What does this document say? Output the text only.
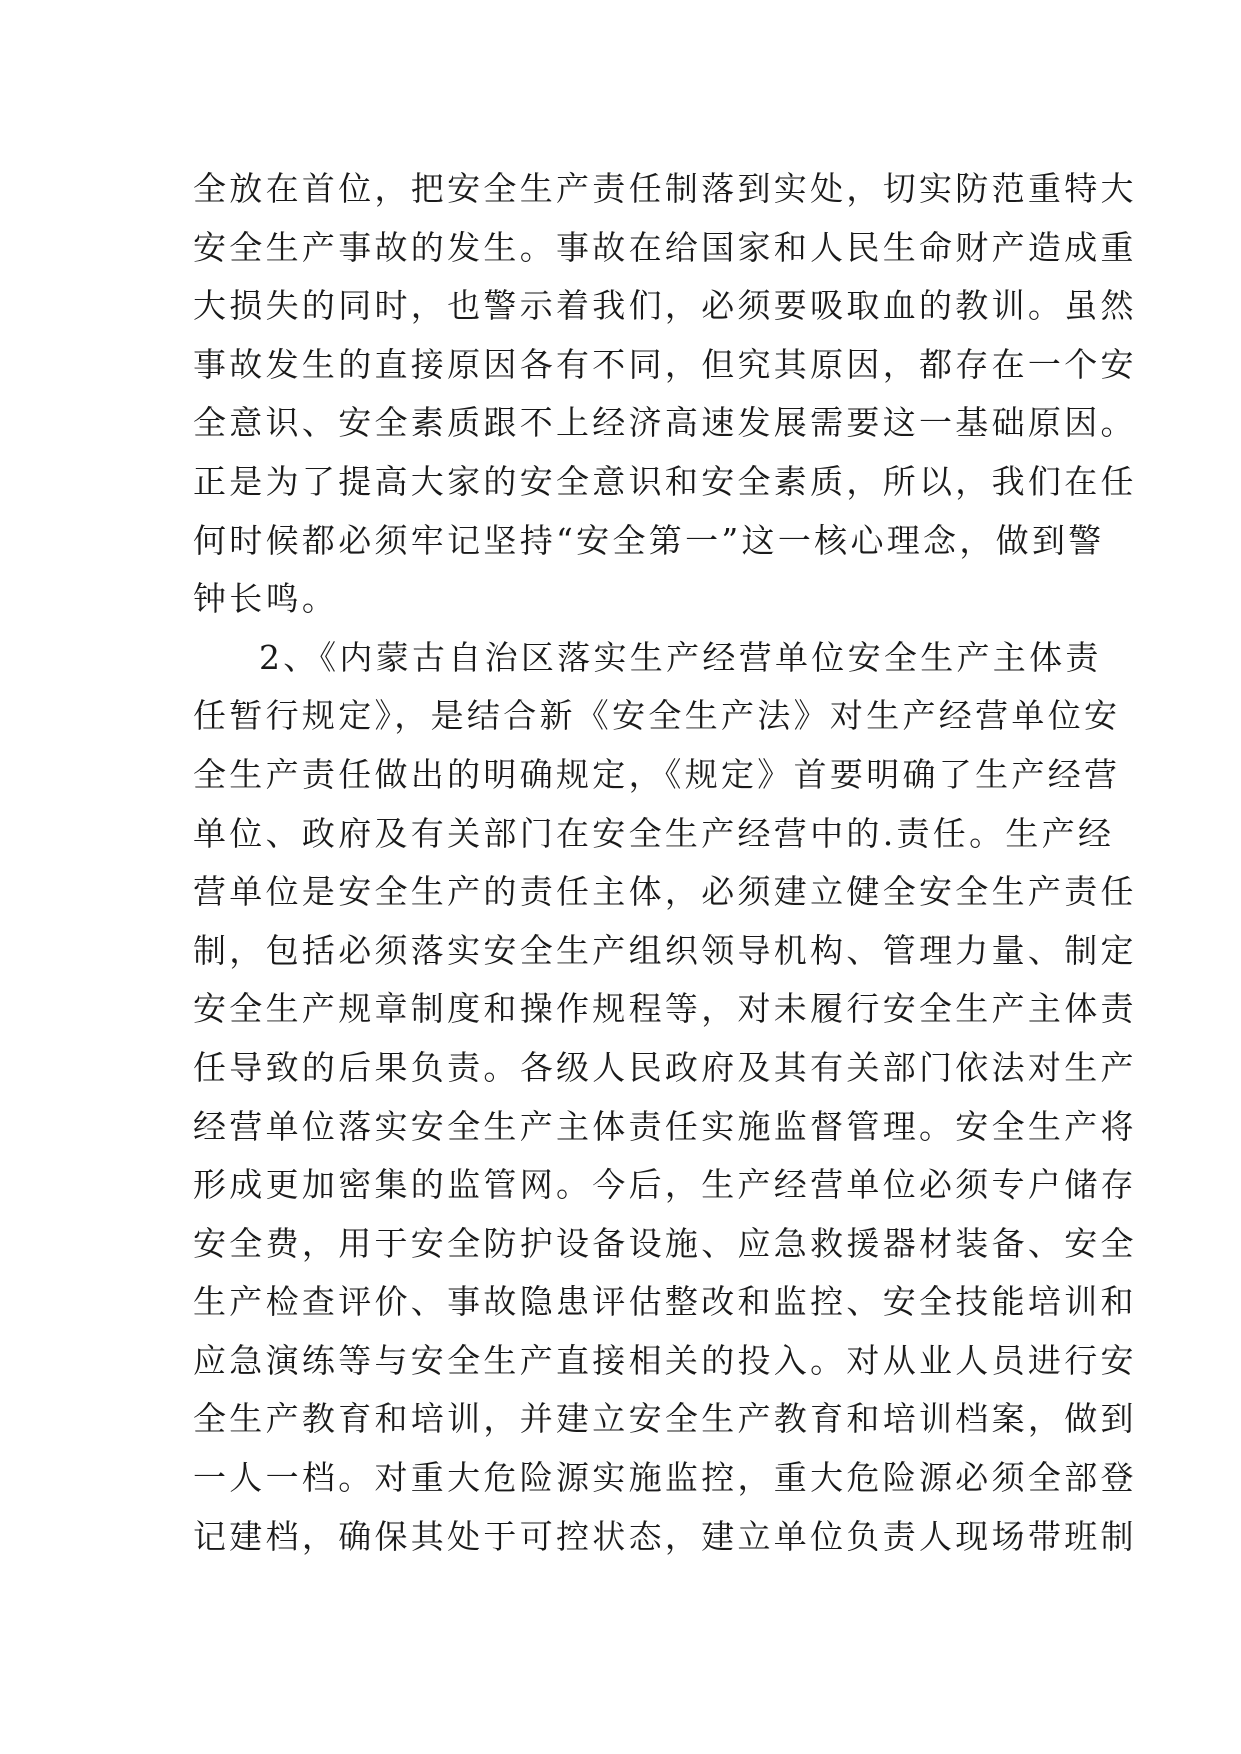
全放在首位，把安全生产责任制落到实处，切实防范重特大
安全生产事故的发生。事故在给国家和人民生命财产造成重
大损失的同时，也警示着我们，必须要吸取血的教训。虽然
事故发生的直接原因各有不同，但究其原因，都存在一个安
全意识、安全素质跟不上经济高速发展需要这一基础原因。
正是为了提高大家的安全意识和安全素质，所以，我们在任
何时候都必须牢记坚持“安全第一”这一核心理念，做到警
钟长鸣。
2、《内蒙古自治区落实生产经营单位安全生产主体责
任暂行规定》，是结合新《安全生产法》对生产经营单位安
全生产责任做出的明确规定，《规定》首要明确了生产经营
单位、政府及有关部门在安全生产经营中的.责任。生产经
营单位是安全生产的责任主体，必须建立健全安全生产责任
制，包括必须落实安全生产组织领导机构、管理力量、制定
安全生产规章制度和操作规程等，对未履行安全生产主体责
任导致的后果负责。各级人民政府及其有关部门依法对生产
经营单位落实安全生产主体责任实施监督管理。安全生产将
形成更加密集的监管网。今后，生产经营单位必须专户储存
安全费，用于安全防护设备设施、应急救援器材装备、安全
生产检查评价、事故隐患评估整改和监控、安全技能培训和
应急演练等与安全生产直接相关的投入。对从业人员进行安
全生产教育和培训，并建立安全生产教育和培训档案，做到
一人一档。对重大危险源实施监控，重大危险源必须全部登
记建档，确保其处于可控状态，建立单位负责人现场带班制
